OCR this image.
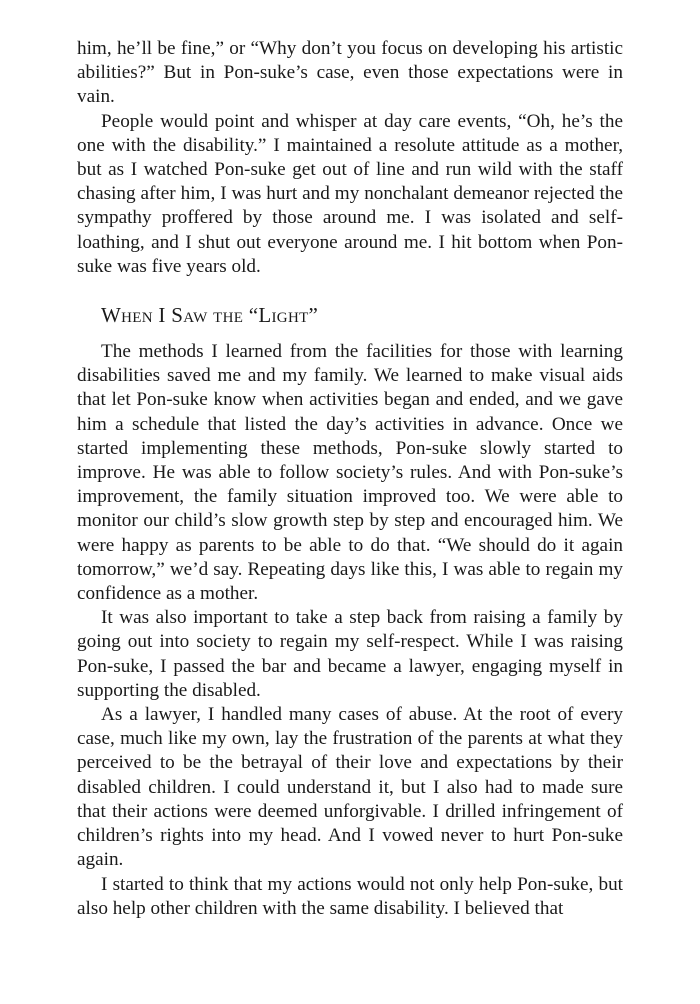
him, he’ll be fine,” or “Why don’t you focus on developing his artistic abilities?” But in Pon-suke’s case, even those expectations were in vain.

People would point and whisper at day care events, “Oh, he’s the one with the disability.” I maintained a resolute attitude as a mother, but as I watched Pon-suke get out of line and run wild with the staff chasing after him, I was hurt and my nonchalant demeanor rejected the sympathy proffered by those around me. I was isolated and self-loathing, and I shut out everyone around me. I hit bottom when Pon-suke was five years old.

When I Saw the “Light”

The methods I learned from the facilities for those with learning disabilities saved me and my family. We learned to make visual aids that let Pon-suke know when activities began and ended, and we gave him a schedule that listed the day’s activities in advance. Once we started implementing these methods, Pon-suke slowly started to improve. He was able to follow society’s rules. And with Pon-suke’s improvement, the family situation improved too. We were able to monitor our child’s slow growth step by step and encouraged him. We were happy as parents to be able to do that. “We should do it again tomorrow,” we’d say. Repeating days like this, I was able to regain my confidence as a mother.

It was also important to take a step back from raising a family by going out into society to regain my self-respect. While I was raising Pon-suke, I passed the bar and became a lawyer, engaging myself in supporting the disabled.

As a lawyer, I handled many cases of abuse. At the root of every case, much like my own, lay the frustration of the parents at what they perceived to be the betrayal of their love and expectations by their disabled children. I could understand it, but I also had to made sure that their actions were deemed unforgivable. I drilled infringement of children’s rights into my head. And I vowed never to hurt Pon-suke again.

I started to think that my actions would not only help Pon-suke, but also help other children with the same disability. I believed that
